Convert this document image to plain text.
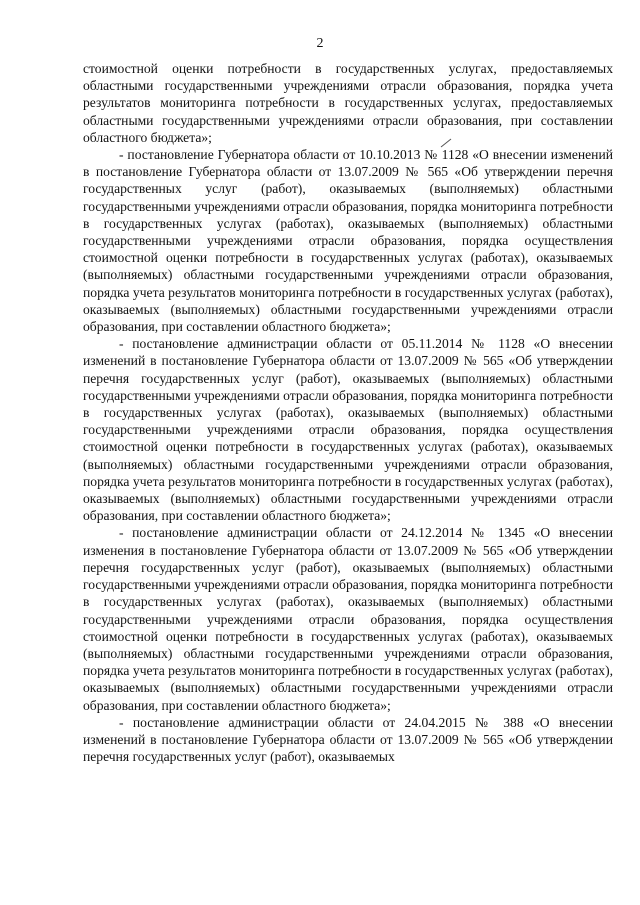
2

стоимостной оценки потребности в государственных услугах, предоставляемых областными государственными учреждениями отрасли образования, порядка учета результатов мониторинга потребности в государственных услугах, предоставляемых областными государственными учреждениями отрасли образования, при составлении областного бюджета»;

- постановление Губернатора области от 10.10.2013 № 1128 «О внесении изменений в постановление Губернатора области от 13.07.2009 № 565 «Об утверждении перечня государственных услуг (работ), оказываемых (выполняемых) областными государственными учреждениями отрасли образования, порядка мониторинга потребности в государственных услугах (работах), оказываемых (выполняемых) областными государственными учреждениями отрасли образования, порядка осуществления стоимостной оценки потребности в государственных услугах (работах), оказываемых (выполняемых) областными государственными учреждениями отрасли образования, порядка учета результатов мониторинга потребности в государственных услугах (работах), оказываемых (выполняемых) областными государственными учреждениями отрасли образования, при составлении областного бюджета»;

- постановление администрации области от 05.11.2014 № 1128 «О внесении изменений в постановление Губернатора области от 13.07.2009 № 565 «Об утверждении перечня государственных услуг (работ), оказываемых (выполняемых) областными государственными учреждениями отрасли образования, порядка мониторинга потребности в государственных услугах (работах), оказываемых (выполняемых) областными государственными учреждениями отрасли образования, порядка осуществления стоимостной оценки потребности в государственных услугах (работах), оказываемых (выполняемых) областными государственными учреждениями отрасли образования, порядка учета результатов мониторинга потребности в государственных услугах (работах), оказываемых (выполняемых) областными государственными учреждениями отрасли образования, при составлении областного бюджета»;

- постановление администрации области от 24.12.2014 № 1345 «О внесении изменения в постановление Губернатора области от 13.07.2009 № 565 «Об утверждении перечня государственных услуг (работ), оказываемых (выполняемых) областными государственными учреждениями отрасли образования, порядка мониторинга потребности в государственных услугах (работах), оказываемых (выполняемых) областными государственными учреждениями отрасли образования, порядка осуществления стоимостной оценки потребности в государственных услугах (работах), оказываемых (выполняемых) областными государственными учреждениями отрасли образования, порядка учета результатов мониторинга потребности в государственных услугах (работах), оказываемых (выполняемых) областными государственными учреждениями отрасли образования, при составлении областного бюджета»;

- постановление администрации области от 24.04.2015 № 388 «О внесении изменений в постановление Губернатора области от 13.07.2009 № 565 «Об утверждении перечня государственных услуг (работ), оказываемых
